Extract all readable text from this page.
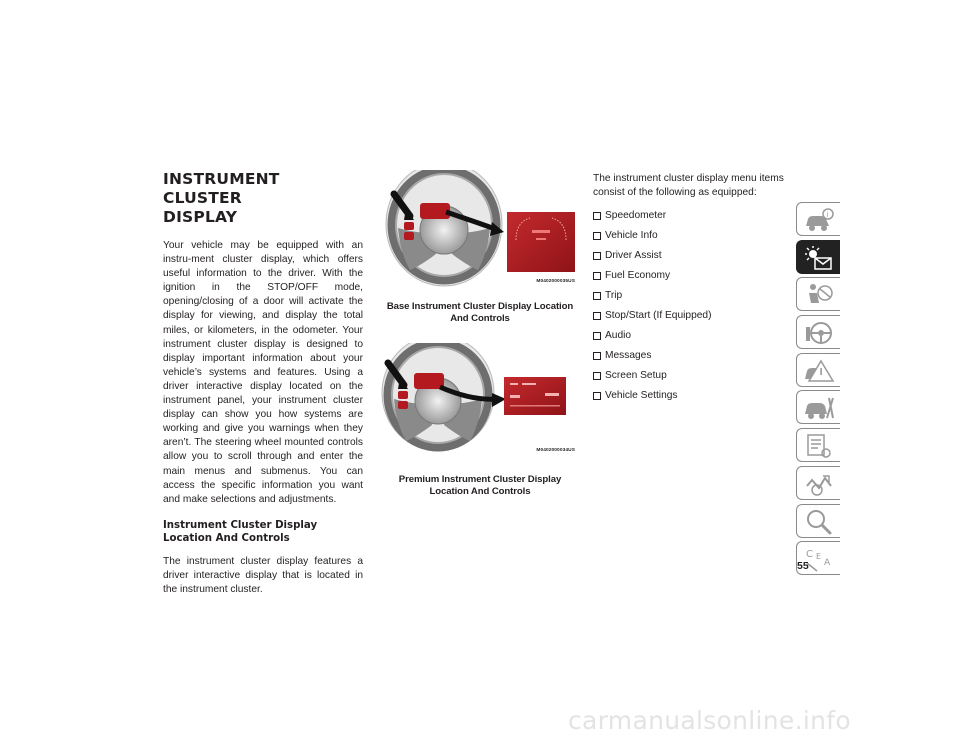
INSTRUMENT CLUSTER
DISPLAY

Your vehicle may be equipped with an instru-ment cluster display, which offers useful information to the driver. With the ignition in the STOP/OFF mode, opening/closing of a door will activate the display for viewing, and display the total miles, or kilometers, in the odometer. Your instrument cluster display is designed to display important information about your vehicle’s systems and features. Using a driver interactive display located on the instrument panel, your instrument cluster display can show you how systems are working and give you warnings when they aren’t. The steering wheel mounted controls allow you to scroll through and enter the main menus and submenus. You can access the specific information you want and make selections and adjustments.

Instrument Cluster Display Location And Controls

The instrument cluster display features a driver interactive display that is located in the instrument cluster.

M0402000035US
Base Instrument Cluster Display Location And Controls
M0402000034US
Premium Instrument Cluster Display Location And Controls

The instrument cluster display menu items consist of the following as equipped:

Speedometer
Vehicle Info
Driver Assist
Fuel Economy
Trip
Stop/Start (If Equipped)
Audio
Messages
Screen Setup
Vehicle Settings
i
C E
A
55
carmanualsonline.info
